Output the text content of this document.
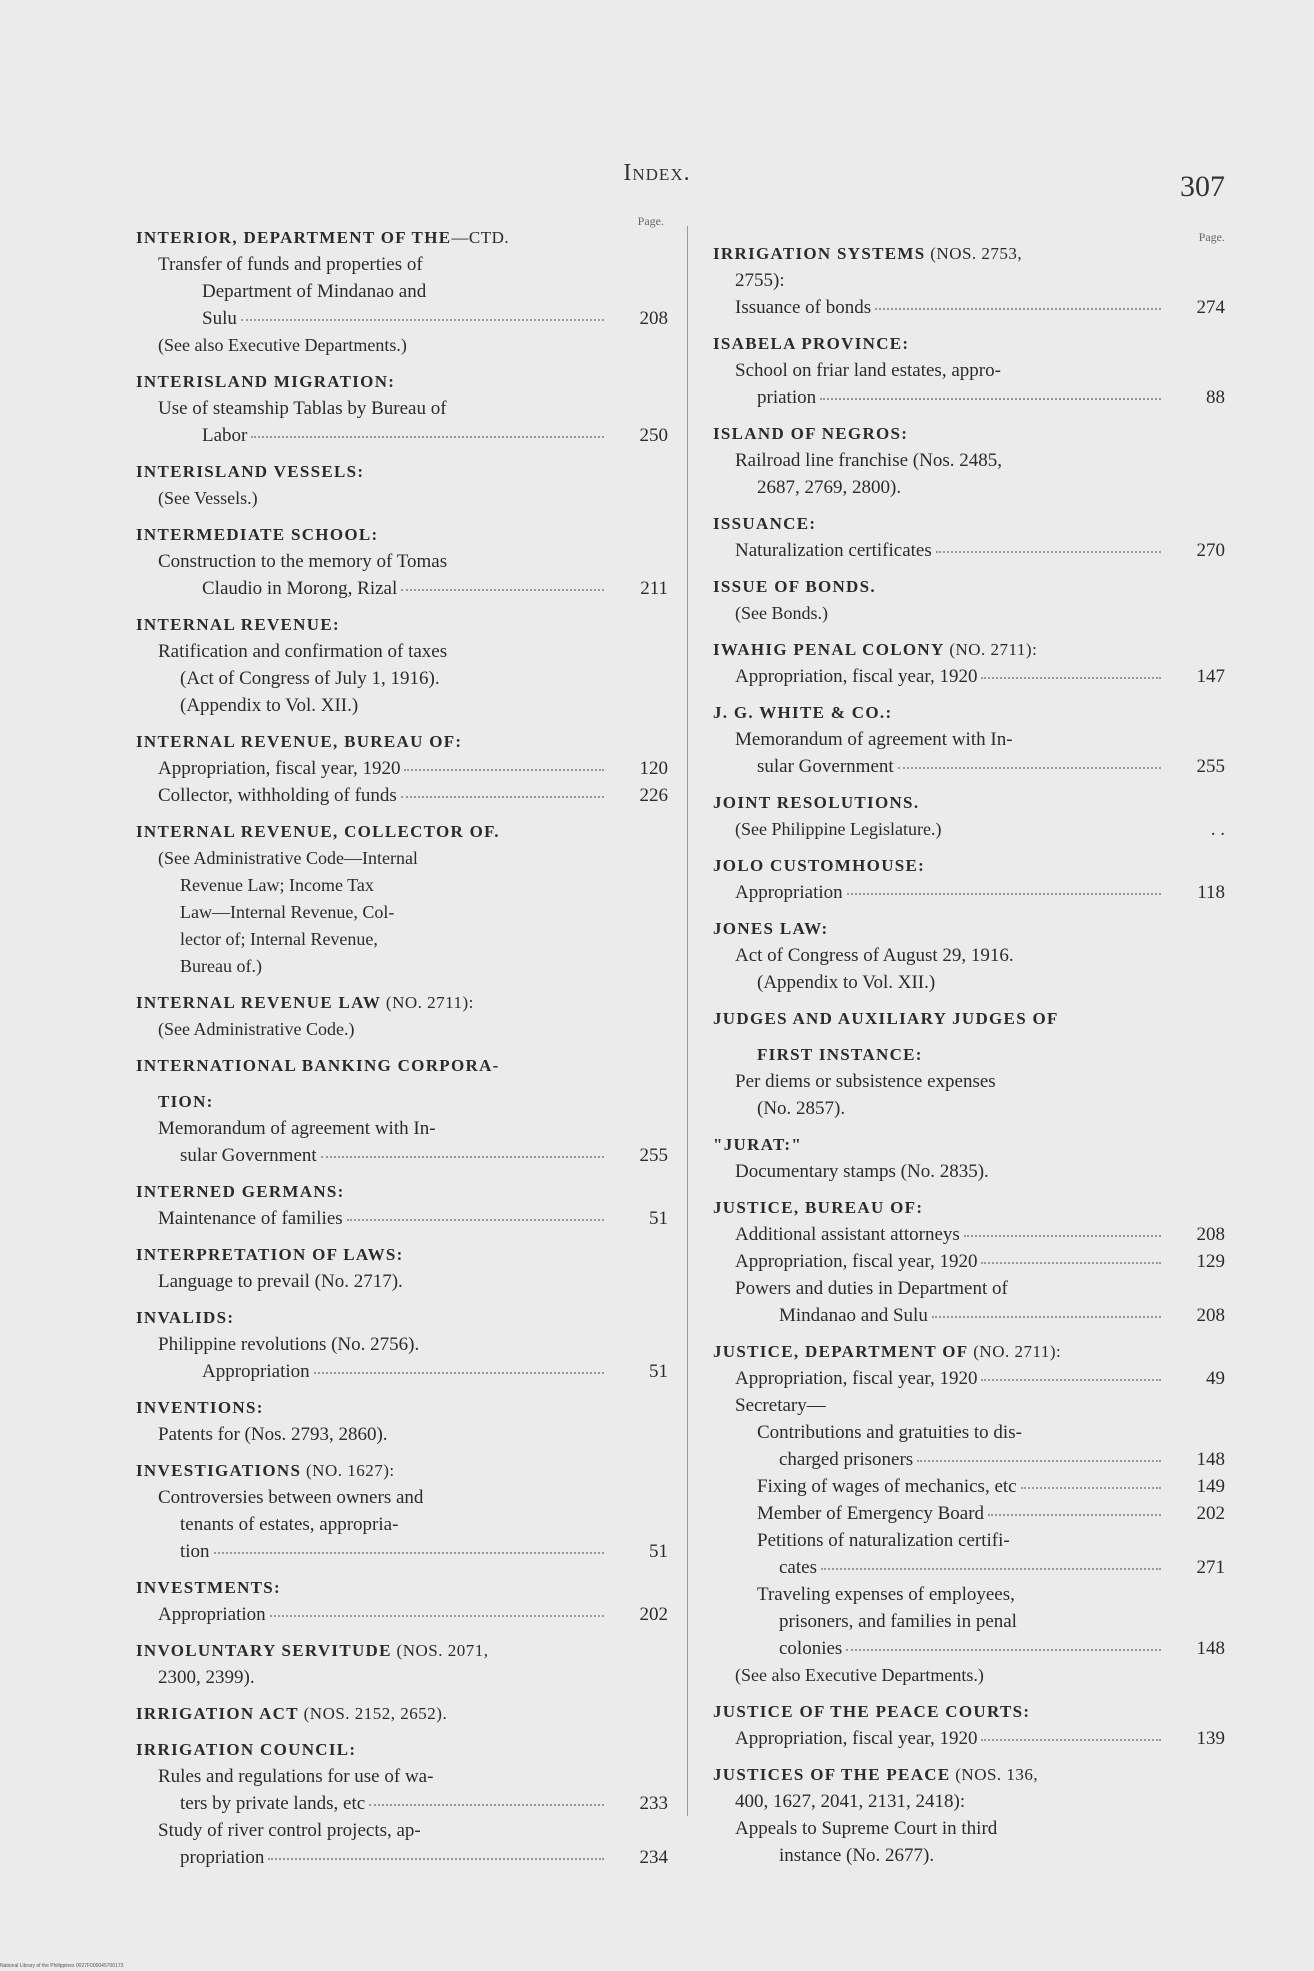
Index.	307
Page.
INTERIOR, DEPARTMENT OF THE—CTD.
Transfer of funds and properties of
Department of Mindanao and
Sulu	208
(See also Executive Departments.)
INTERISLAND MIGRATION:
Use of steamship Tablas by Bureau of
Labor	250
INTERISLAND VESSELS:
(See Vessels.)
INTERMEDIATE SCHOOL:
Construction to the memory of Tomas
Claudio in Morong, Rizal	211
INTERNAL REVENUE:
Ratification and confirmation of taxes
(Act of Congress of July 1, 1916).
(Appendix to Vol. XII.)
INTERNAL REVENUE, BUREAU OF:
Appropriation, fiscal year, 1920	120
Collector, withholding of funds	226
INTERNAL REVENUE, COLLECTOR OF.
(See Administrative Code—Internal
Revenue Law; Income Tax
Law—Internal Revenue, Col-
lector of; Internal Revenue,
Bureau of.)
INTERNAL REVENUE LAW (NO. 2711):
(See Administrative Code.)
INTERNATIONAL BANKING CORPORA-
TION:
Memorandum of agreement with In-
sular Government	255
INTERNED GERMANS:
Maintenance of families	51
INTERPRETATION OF LAWS:
Language to prevail (No. 2717).
INVALIDS:
Philippine revolutions (No. 2756).
Appropriation	51
INVENTIONS:
Patents for (Nos. 2793, 2860).
INVESTIGATIONS (NO. 1627):
Controversies between owners and
tenants of estates, appropria-
tion	51
INVESTMENTS:
Appropriation	202
INVOLUNTARY SERVITUDE (NOS. 2071,
2300, 2399).
IRRIGATION ACT (NOS. 2152, 2652).
IRRIGATION COUNCIL:
Rules and regulations for use of wa-
ters by private lands, etc	233
Study of river control projects, ap-
propriation	234
Page.
IRRIGATION SYSTEMS (NOS. 2753,
2755):
Issuance of bonds	274
ISABELA PROVINCE:
School on friar land estates, appro-
priation	88
ISLAND OF NEGROS:
Railroad line franchise (Nos. 2485,
2687, 2769, 2800).
ISSUANCE:
Naturalization certificates	270
ISSUE OF BONDS.
(See Bonds.)
IWAHIG PENAL COLONY (NO. 2711):
Appropriation, fiscal year, 1920	147
J. G. WHITE & CO.:
Memorandum of agreement with In-
sular Government	255
JOINT RESOLUTIONS.
(See Philippine Legislature.)	. .
JOLO CUSTOMHOUSE:
Appropriation	118
JONES LAW:
Act of Congress of August 29, 1916.
(Appendix to Vol. XII.)
JUDGES AND AUXILIARY JUDGES OF
FIRST INSTANCE:
Per diems or subsistence expenses
(No. 2857).
"JURAT:"
Documentary stamps (No. 2835).
JUSTICE, BUREAU OF:
Additional assistant attorneys	208
Appropriation, fiscal year, 1920	129
Powers and duties in Department of
Mindanao and Sulu	208
JUSTICE, DEPARTMENT OF (NO. 2711):
Appropriation, fiscal year, 1920	49
Secretary—
Contributions and gratuities to dis-
charged prisoners	148
Fixing of wages of mechanics, etc	149
Member of Emergency Board	202
Petitions of naturalization certifi-
cates	271
Traveling expenses of employees,
prisoners, and families in penal
colonies	148
(See also Executive Departments.)
JUSTICE OF THE PEACE COURTS:
Appropriation, fiscal year, 1920	139
JUSTICES OF THE PEACE (NOS. 136,
400, 1627, 2041, 2131, 2418):
Appeals to Supreme Court in third
instance (No. 2677).
National Library of the Philippines 0027F000045700173
